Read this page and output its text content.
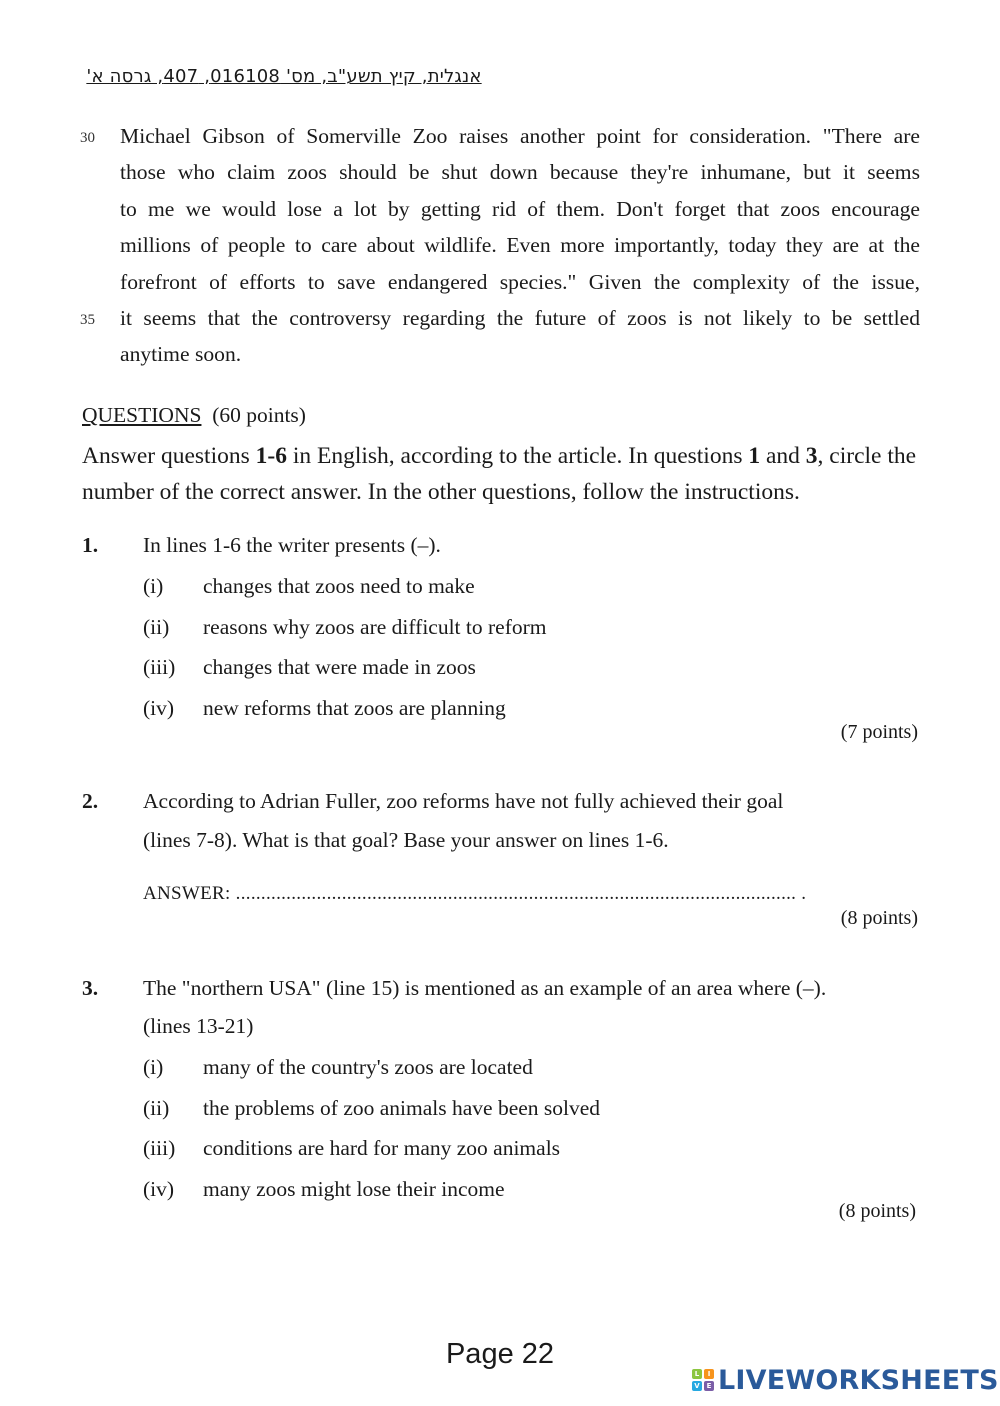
אנגלית, קיץ תשע"ב, מס' 016108, 407, גרסה א'
30 Michael Gibson of Somerville Zoo raises another point for consideration. "There are
those who claim zoos should be shut down because they're inhumane, but it seems
to me we would lose a lot by getting rid of them. Don't forget that zoos encourage
millions of people to care about wildlife. Even more importantly, today they are at the
forefront of efforts to save endangered species." Given the complexity of the issue,
35 it seems that the controversy regarding the future of zoos is not likely to be settled
anytime soon.
QUESTIONS (60 points)
Answer questions 1-6 in English, according to the article. In questions 1 and 3, circle the number of the correct answer. In the other questions, follow the instructions.
1. In lines 1-6 the writer presents (–).
(i) changes that zoos need to make
(ii) reasons why zoos are difficult to reform
(iii) changes that were made in zoos
(iv) new reforms that zoos are planning
(7 points)
2. According to Adrian Fuller, zoo reforms have not fully achieved their goal
(lines 7-8). What is that goal? Base your answer on lines 1-6.
ANSWER: ............................................................................................................... .
(8 points)
3. The "northern USA" (line 15) is mentioned as an example of an area where (–).
(lines 13-21)
(i) many of the country's zoos are located
(ii) the problems of zoo animals have been solved
(iii) conditions are hard for many zoo animals
(iv) many zoos might lose their income
(8 points)
Page 22
L	I
V E LIVEWORKSHEETS
